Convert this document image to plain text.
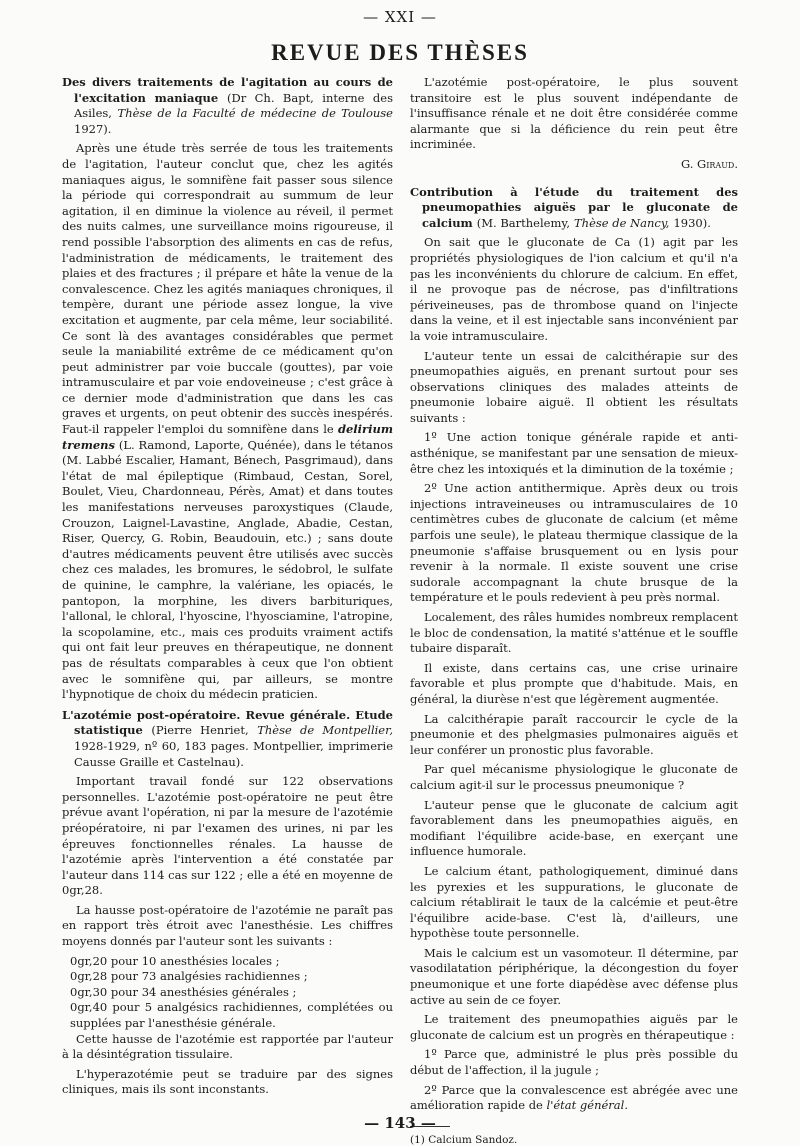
— XXI —
REVUE DES THÈSES
Des divers traitements de l'agitation au cours de l'excitation maniaque (Dr Ch. Bapt, interne des Asiles, Thèse de la Faculté de médecine de Toulouse 1927).

Après une étude très serrée de tous les traitements de l'agitation, l'auteur conclut que, chez les agités maniaques aigus, le somnifène fait passer sous silence la période qui correspondrait au summum de leur agitation, il en diminue la violence au réveil, il permet des nuits calmes, une surveillance moins rigoureuse, il rend possible l'absorption des aliments en cas de refus, l'administration de médicaments, le traitement des plaies et des fractures ; il prépare et hâte la venue de la convalescence. Chez les agités maniaques chroniques, il tempère, durant une période assez longue, la vive excitation et augmente, par cela même, leur sociabilité. Ce sont là des avantages considérables que permet seule la maniabilité extrême de ce médicament qu'on peut administrer par voie buccale (gouttes), par voie intramusculaire et par voie endoveineuse ; c'est grâce à ce dernier mode d'administration que dans les cas graves et urgents, on peut obtenir des succès inespérés. Faut-il rappeler l'emploi du somnifène dans le delirium tremens (L. Ramond, Laporte, Quénée), dans le tétanos (M. Labbé Escalier, Hamant, Bénech, Pasgrimaud), dans l'état de mal épileptique (Rimbaud, Cestan, Sorel, Boulet, Vieu, Chardonneau, Pérès, Amat) et dans toutes les manifestations nerveuses paroxystiques (Claude, Crouzon, Laignel-Lavastine, Anglade, Abadie, Cestan, Riser, Quercy, G. Robin, Beaudouin, etc.) ; sans doute d'autres médicaments peuvent être utilisés avec succès chez ces malades, les bromures, le sédobrol, le sulfate de quinine, le camphre, la valériane, les opiacés, le pantopon, la morphine, les divers barbituriques, l'allonal, le chloral, l'hyoscine, l'hyosciamine, l'atropine, la scopolamine, etc., mais ces produits vraiment actifs qui ont fait leur preuves en thérapeutique, ne donnent pas de résultats comparables à ceux que l'on obtient avec le somnifène qui, par ailleurs, se montre l'hypnotique de choix du médecin praticien.

L'azotémie post-opératoire. Revue générale. Etude statistique (Pierre Henriet, Thèse de Montpellier, 1928-1929, nº 60, 183 pages. Montpellier, imprimerie Causse Graille et Castelnau).

Important travail fondé sur 122 observations personnelles. L'azotémie post-opératoire ne peut être prévue avant l'opération, ni par la mesure de l'azotémie préopératoire, ni par l'examen des urines, ni par les épreuves fonctionnelles rénales. La hausse de l'azotémie après l'intervention a été constatée par l'auteur dans 114 cas sur 122 ; elle a été en moyenne de 0gr,28.

La hausse post-opératoire de l'azotémie ne paraît pas en rapport très étroit avec l'anesthésie. Les chiffres moyens donnés par l'auteur sont les suivants :

0gr,20 pour 10 anesthésies locales ;
0gr,28 pour 73 analgésies rachidiennes ;
0gr,30 pour 34 anesthésies générales ;
0gr,40 pour 5 analgésics rachidiennes, complétées ou supplées par l'anesthésie générale.

Cette hausse de l'azotémie est rapportée par l'auteur à la désintégration tissulaire.

L'hyperazotémie peut se traduire par des signes cliniques, mais ils sont inconstants.

L'azotémie post-opératoire, le plus souvent transitoire est le plus souvent indépendante de l'insuffisance rénale et ne doit être considérée comme alarmante que si la déficience du rein peut être incriminée.

G. Giraud.
Contribution à l'étude du traitement des pneumopathies aiguës par le gluconate de calcium (M. Barthelemy, Thèse de Nancy, 1930).

On sait que le gluconate de Ca (1) agit par les propriétés physiologiques de l'ion calcium et qu'il n'a pas les inconvénients du chlorure de calcium. En effet, il ne provoque pas de nécrose, pas d'infiltrations périveineuses, pas de thrombose quand on l'injecte dans la veine, et il est injectable sans inconvénient par la voie intramusculaire.

L'auteur tente un essai de calcithérapie sur des pneumopathies aiguës, en prenant surtout pour ses observations cliniques des malades atteints de pneumonie lobaire aiguë. Il obtient les résultats suivants :

1º Une action tonique générale rapide et anti-asthénique, se manifestant par une sensation de mieux-être chez les intoxiqués et la diminution de la toxémie ;

2º Une action antithermique. Après deux ou trois injections intraveineuses ou intramusculaires de 10 centimètres cubes de gluconate de calcium (et même parfois une seule), le plateau thermique classique de la pneumonie s'affaise brusquement ou en lysis pour revenir à la normale. Il existe souvent une crise sudorale accompagnant la chute brusque de la température et le pouls redevient à peu près normal.

Localement, des râles humides nombreux remplacent le bloc de condensation, la matité s'atténue et le souffle tubaire disparaît.

Il existe, dans certains cas, une crise urinaire favorable et plus prompte que d'habitude. Mais, en général, la diurèse n'est que légèrement augmentée.

La calcithérapie paraît raccourcir le cycle de la pneumonie et des phelgmasies pulmonaires aiguës et leur conférer un pronostic plus favorable.

Par quel mécanisme physiologique le gluconate de calcium agit-il sur le processus pneumonique ?

L'auteur pense que le gluconate de calcium agit favorablement dans les pneumopathies aiguës, en modifiant l'équilibre acide-base, en exerçant une influence humorale.

Le calcium étant, pathologiquement, diminué dans les pyrexies et les suppurations, le gluconate de calcium rétablirait le taux de la calcémie et peut-être l'équilibre acide-base. C'est là, d'ailleurs, une hypothèse toute personnelle.

Mais le calcium est un vasomoteur. Il détermine, par vasodilatation périphérique, la décongestion du foyer pneumonique et une forte diapédèse avec défense plus active au sein de ce foyer.

Le traitement des pneumopathies aiguës par le gluconate de calcium est un progrès en thérapeutique :

1º Parce que, administré le plus près possible du début de l'affection, il la jugule ;

2º Parce que la convalescence est abrégée avec une amélioration rapide de l'état général.

(1) Calcium Sandoz.
— 143 —
